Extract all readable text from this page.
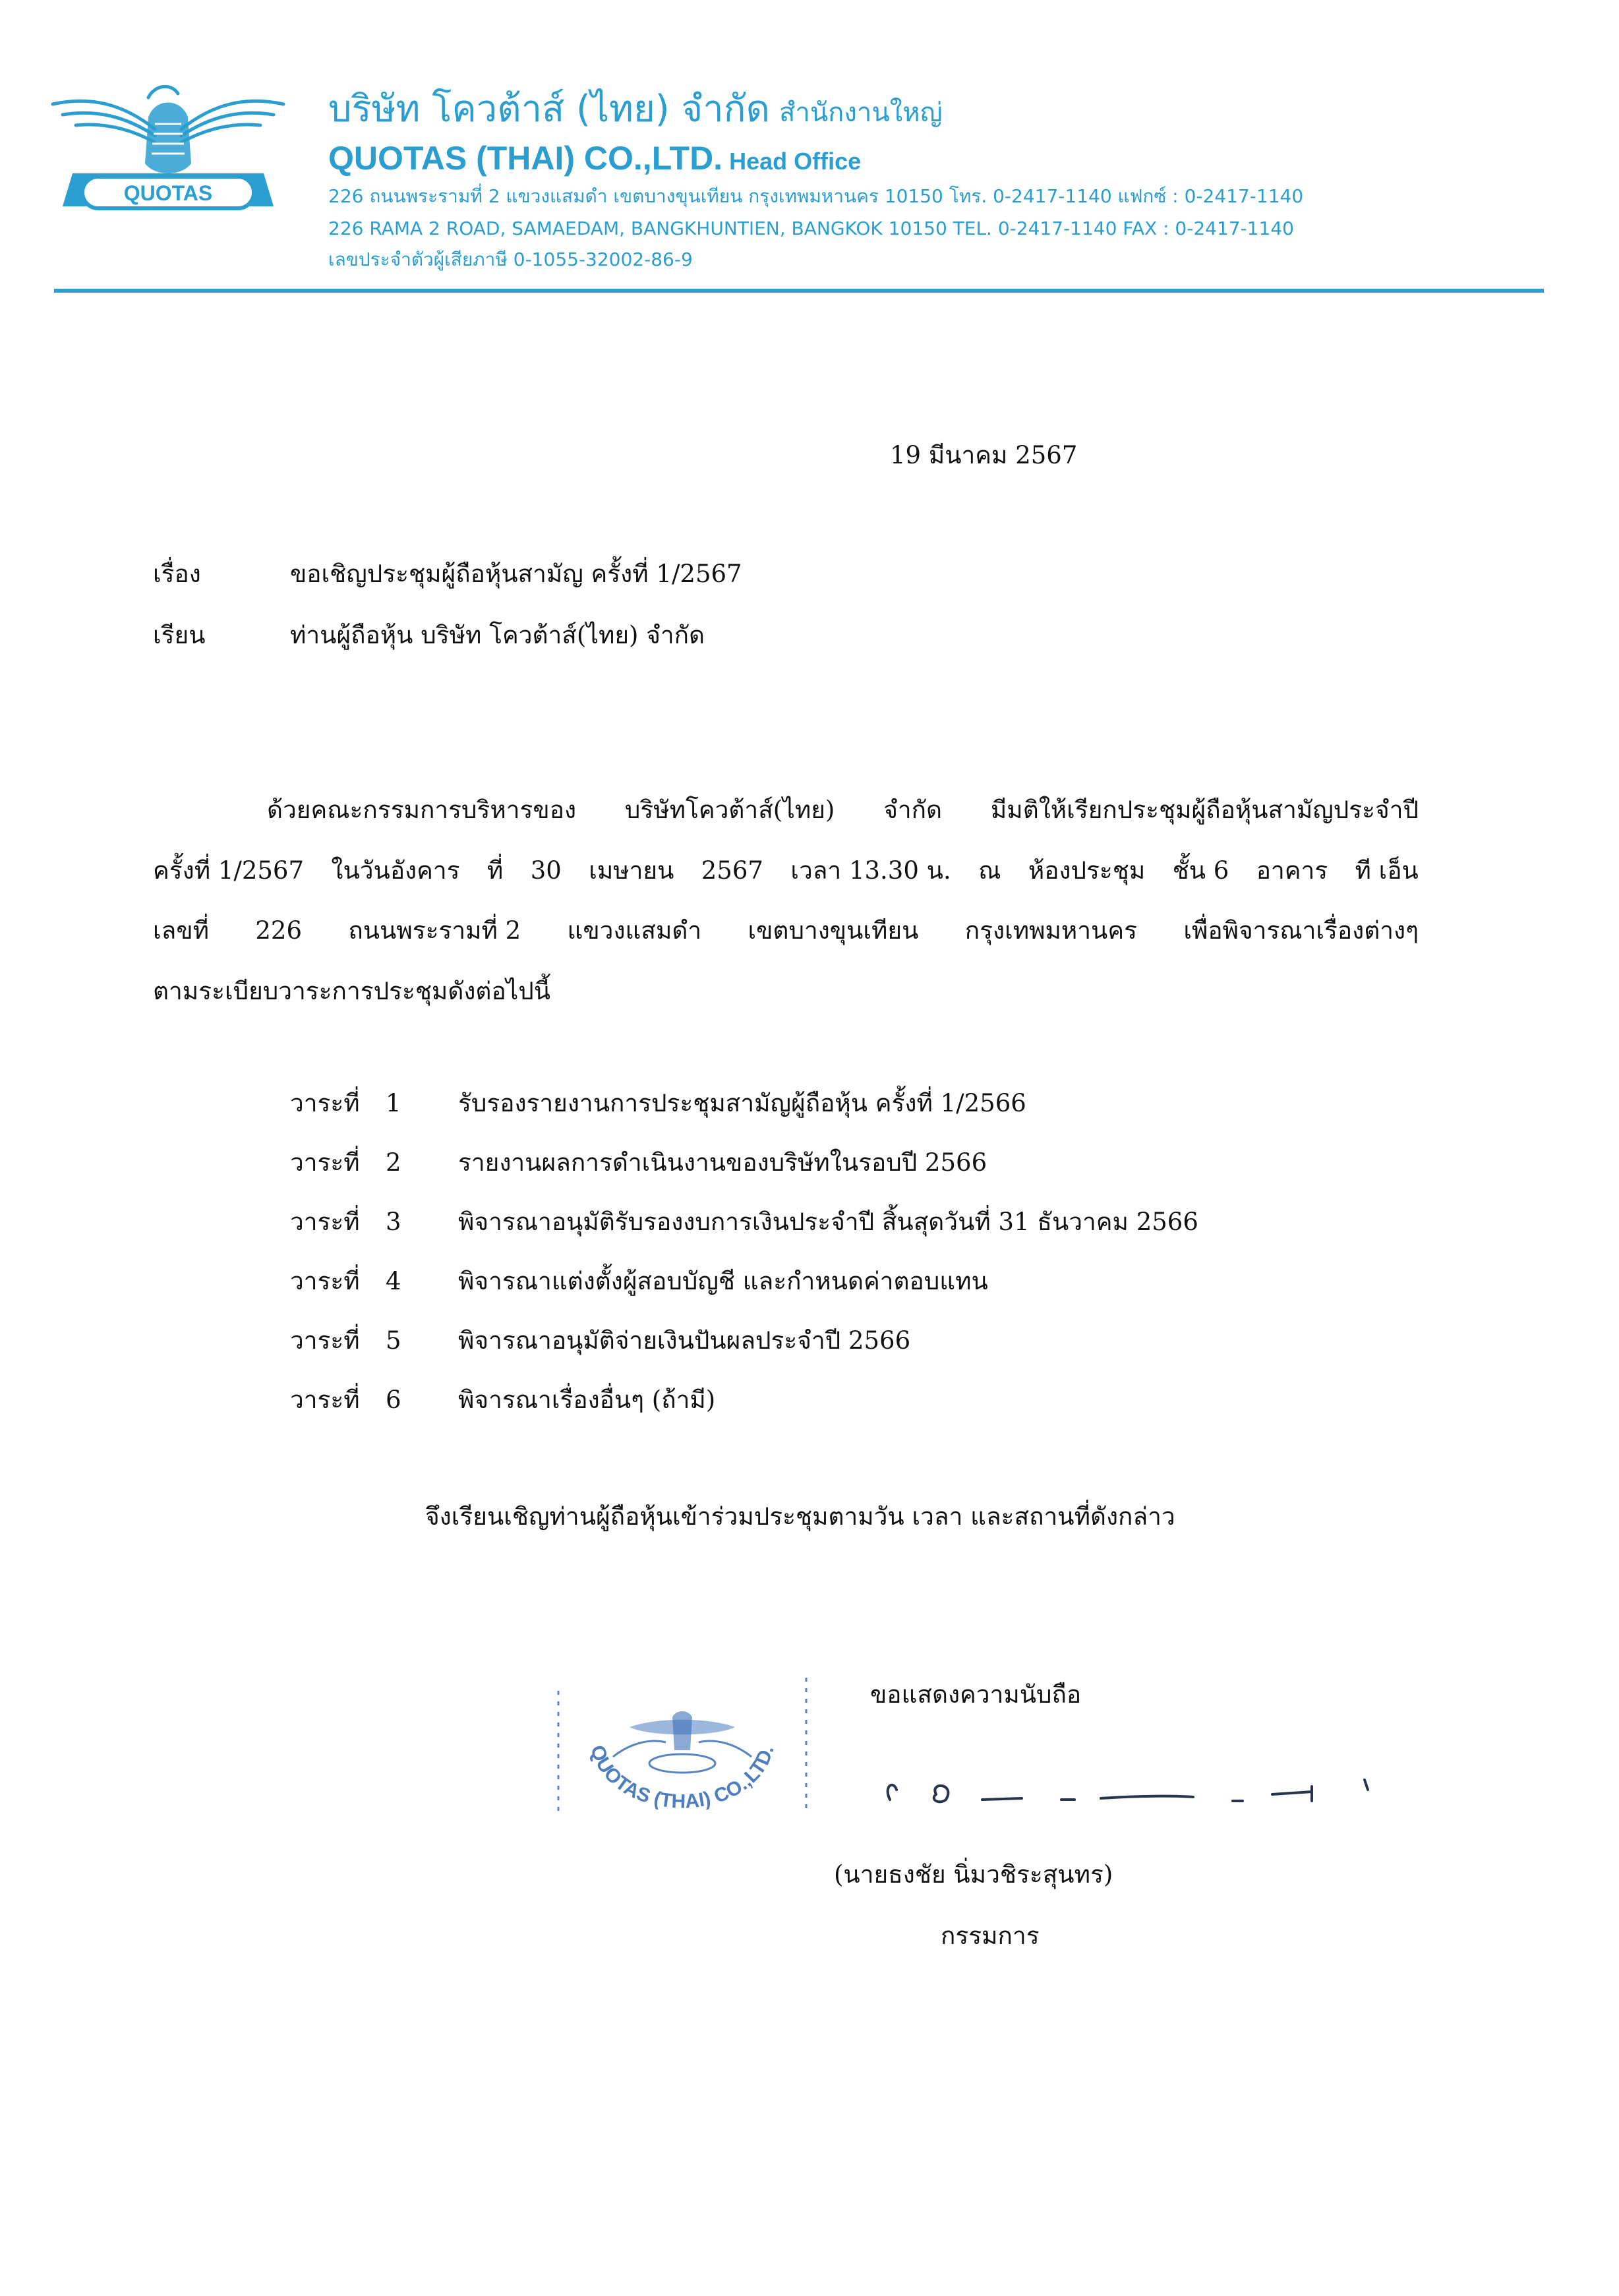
QUOTAS
บริษัท โควต้าส์ (ไทย) จำกัด สำนักงานใหญ่
QUOTAS (THAI) CO.,LTD. Head Office
226 ถนนพระรามที่ 2 แขวงแสมดำ เขตบางขุนเทียน กรุงเทพมหานคร 10150 โทร. 0-2417-1140 แฟกซ์ : 0-2417-1140
226 RAMA 2 ROAD, SAMAEDAM, BANGKHUNTIEN, BANGKOK 10150 TEL. 0-2417-1140 FAX : 0-2417-1140
เลขประจำตัวผู้เสียภาษี 0-1055-32002-86-9
19 มีนาคม 2567
เรื่อง	ขอเชิญประชุมผู้ถือหุ้นสามัญ ครั้งที่ 1/2567
เรียน	ท่านผู้ถือหุ้น บริษัท โควต้าส์(ไทย) จำกัด
ด้วยคณะกรรมการบริหารของ บริษัทโควต้าส์(ไทย) จำกัด มีมติให้เรียกประชุมผู้ถือหุ้นสามัญประจำปี
ครั้งที่ 1/2567 ในวันอังคาร ที่ 30 เมษายน 2567 เวลา 13.30 น. ณ ห้องประชุม ชั้น 6 อาคาร ที เอ็น
เลขที่ 226 ถนนพระรามที่ 2 แขวงแสมดำ เขตบางขุนเทียน กรุงเทพมหานคร เพื่อพิจารณาเรื่องต่างๆ
ตามระเบียบวาระการประชุมดังต่อไปนี้
วาระที่ 1 รับรองรายงานการประชุมสามัญผู้ถือหุ้น ครั้งที่ 1/2566
วาระที่ 2 รายงานผลการดำเนินงานของบริษัทในรอบปี 2566
วาระที่ 3 พิจารณาอนุมัติรับรองงบการเงินประจำปี สิ้นสุดวันที่ 31 ธันวาคม 2566
วาระที่ 4 พิจารณาแต่งตั้งผู้สอบบัญชี และกำหนดค่าตอบแทน
วาระที่ 5 พิจารณาอนุมัติจ่ายเงินปันผลประจำปี 2566
วาระที่ 6 พิจารณาเรื่องอื่นๆ (ถ้ามี)
จึงเรียนเชิญท่านผู้ถือหุ้นเข้าร่วมประชุมตามวัน เวลา และสถานที่ดังกล่าว
QUOTAS (THAI) CO.,LTD.
ขอแสดงความนับถือ
(นายธงชัย นิ่มวชิระสุนทร)
กรรมการ
